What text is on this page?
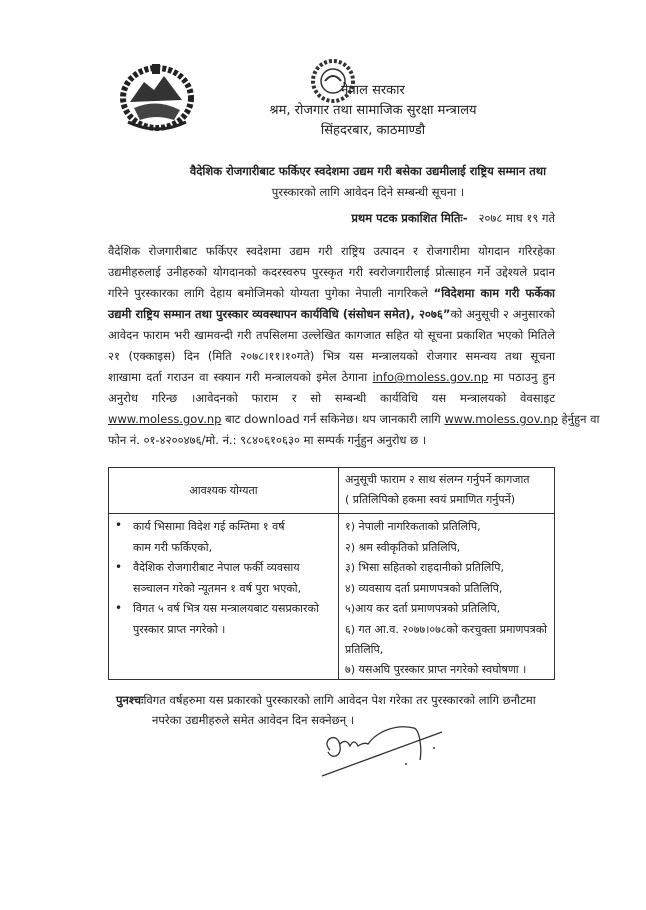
नेपाल सरकार
श्रम, रोजगार तथा सामाजिक सुरक्षा मन्त्रालय
सिंहदरबार, काठमाण्डौ
वैदेशिक रोजगारीबाट फर्किएर स्वदेशमा उद्यम गरी बसेका उद्यमीलाई राष्ट्रिय सम्मान तथा
पुरस्कारको लागि आवेदन दिने सम्बन्धी सूचना ।
प्रथम पटक प्रकाशित मितिः- २०७८ माघ १९ गते
वैदेशिक रोजगारीबाट फर्किएर स्वदेशमा उद्यम गरी राष्ट्रिय उत्पादन र रोजगारीमा योगदान गरिरहेका
उद्यमीहरुलाई उनीहरुको योगदानको कदरस्वरुप पुरस्कृत गरी स्वरोजगारीलाई प्रोत्साहन गर्ने उद्देश्यले प्रदान
गरिने पुरस्कारका लागि देहाय बमोजिमको योग्यता पुगेका नेपाली नागरिकले “विदेशमा काम गरी फर्केका
उद्यमी राष्ट्रिय सम्मान तथा पुरस्कार व्यवस्थापन कार्यविधि (संसोधन समेत), २०७६”को अनुसूची २ अनुसारको
आवेदन फाराम भरी खामवन्दी गरी तपसिलमा उल्लेखित कागजात सहित यो सूचना प्रकाशित भएको मितिले
२१ (एक्काइस) दिन (मिति २०७८।११।१०गते) भित्र यस मन्त्रालयको रोजगार समन्वय तथा सूचना
शाखामा दर्ता गराउन वा स्क्यान गरी मन्त्रालयको इमेल ठेगाना info@moless.gov.np मा पठाउनु हुन
अनुरोध गरिन्छ ।आवेदनको फाराम र सो सम्बन्धी कार्यविधि यस मन्त्रालयको वेवसाइट
www.moless.gov.np बाट download गर्न सकिनेछ। थप जानकारी लागि www.moless.gov.np हेर्नुहुन वा
फोन नं. ०१-४२००४७६/मो. नं.: ९८४०६१०६३० मा सम्पर्क गर्नुहुन अनुरोध छ ।
आवश्यक योग्यता
अनुसूची फाराम २ साथ संलग्न गर्नुपर्ने कागजात
( प्रतिलिपिको हकमा स्वयं प्रमाणित गर्नुपर्ने)
• कार्य भिसामा विदेश गई कम्तिमा १ वर्ष
काम गरी फर्किएको,
• वैदेशिक रोजगारीबाट नेपाल फर्की व्यवसाय
सञ्चालन गरेको न्यूतमन १ वर्ष पुरा भएको,
• विगत ५ वर्ष भित्र यस मन्त्रालयबाट यसप्रकारको
पुरस्कार प्राप्त नगरेको ।
१) नेपाली नागरिकताको प्रतिलिपि,
२) श्रम स्वीकृतिको प्रतिलिपि,
३) भिसा सहितको राहदानीको प्रतिलिपि,
४) व्यवसाय दर्ता प्रमाणपत्रको प्रतिलिपि,
५)आय कर दर्ता प्रमाणपत्रको प्रतिलिपि,
६) गत आ.व. २०७७।०७८को करचुक्ता प्रमाणपत्रको
प्रतिलिपि,
७) यसअघि पुरस्कार प्राप्त नगरेको स्वघोषणा ।
पुनश्चःविगत वर्षहरुमा यस प्रकारको पुरस्कारको लागि आवेदन पेश गरेका तर पुरस्कारको लागि छनौटमा
नपरेका उद्यमीहरुले समेत आवेदन दिन सक्नेछन् ।
